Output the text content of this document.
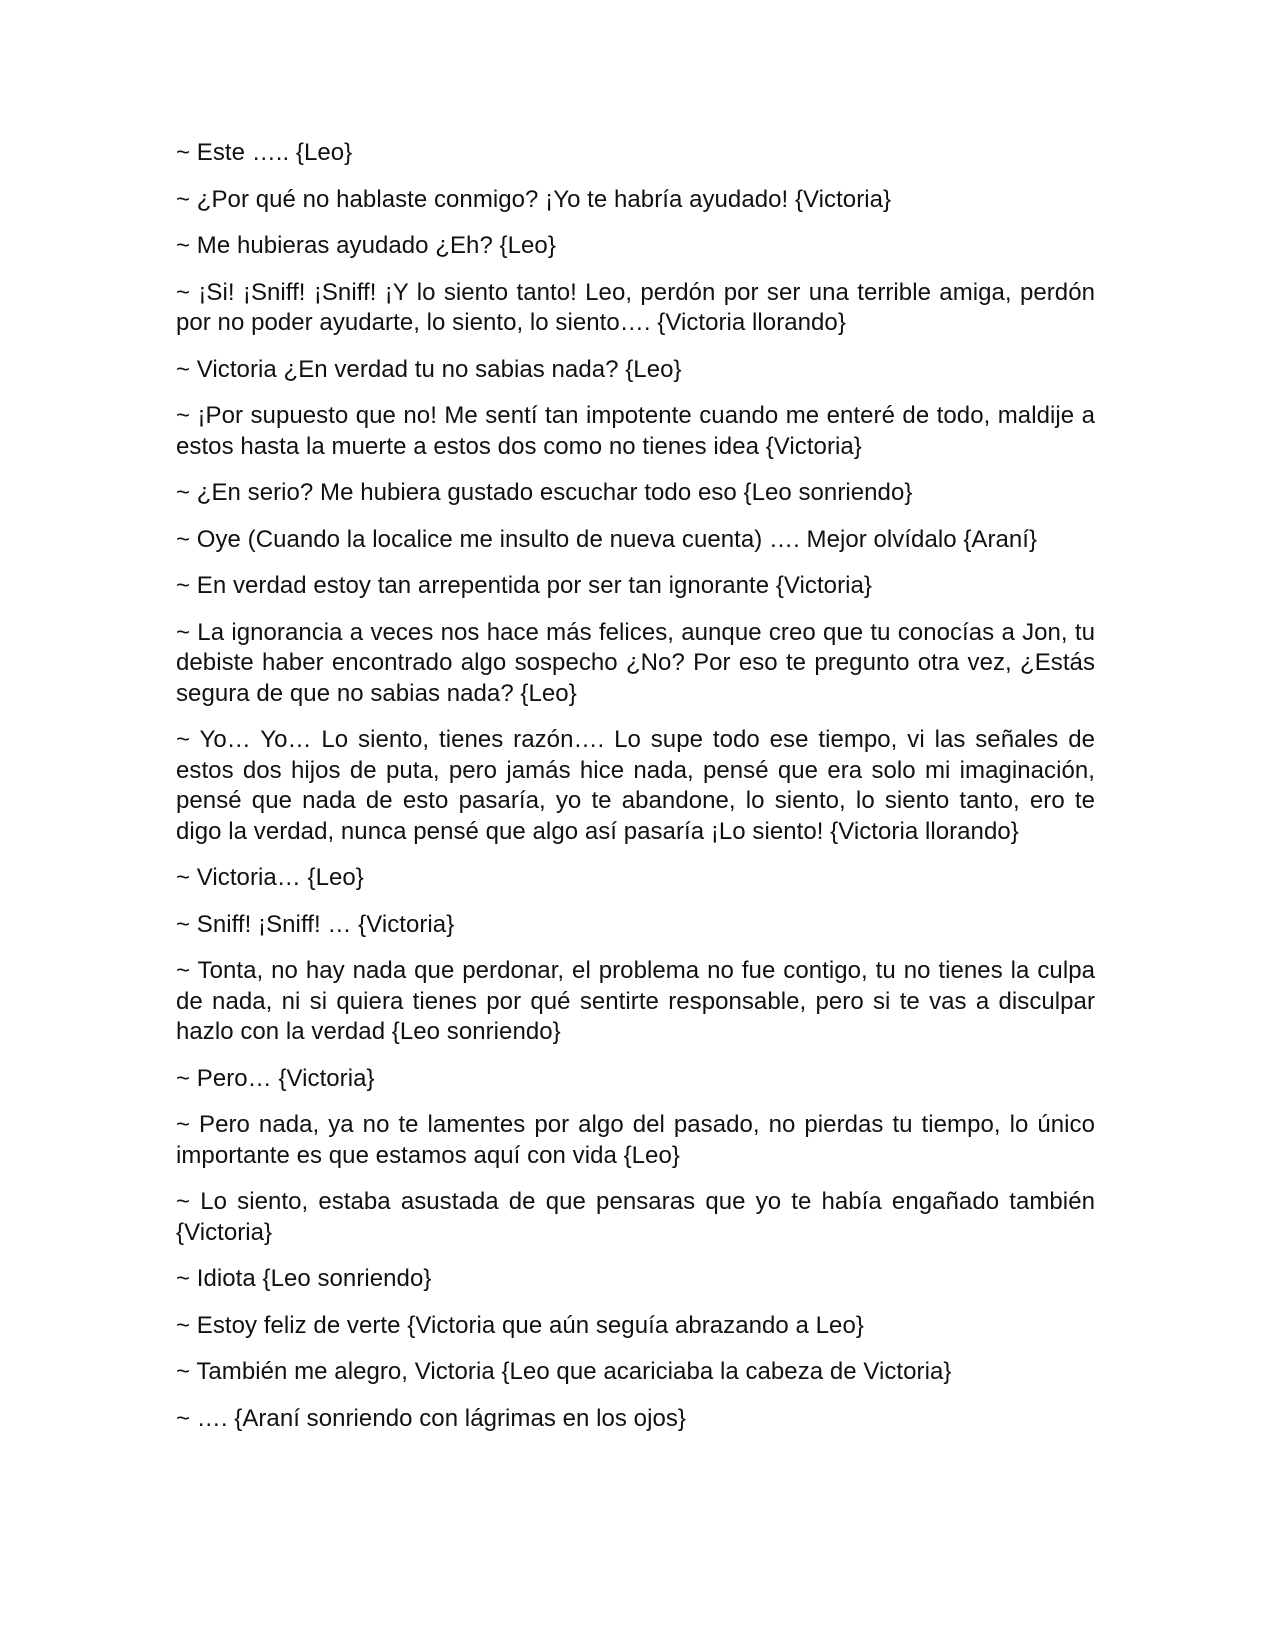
~ Este ….. {Leo}

~ ¿Por qué no hablaste conmigo? ¡Yo te habría ayudado! {Victoria}

~ Me hubieras ayudado ¿Eh? {Leo}

~ ¡Si! ¡Sniff! ¡Sniff! ¡Y lo siento tanto! Leo, perdón por ser una terrible amiga, perdón por no poder ayudarte, lo siento, lo siento…. {Victoria llorando}

~ Victoria ¿En verdad tu no sabias nada? {Leo}

~ ¡Por supuesto que no! Me sentí tan impotente cuando me enteré de todo, maldije a estos hasta la muerte a estos dos como no tienes idea {Victoria}

~ ¿En serio? Me hubiera gustado escuchar todo eso {Leo sonriendo}

~ Oye (Cuando la localice me insulto de nueva cuenta) …. Mejor olvídalo {Araní}

~ En verdad estoy tan arrepentida por ser tan ignorante {Victoria}

~ La ignorancia a veces nos hace más felices, aunque creo que tu conocías a Jon, tu debiste haber encontrado algo sospecho ¿No? Por eso te pregunto otra vez, ¿Estás segura de que no sabias nada? {Leo}

~ Yo… Yo… Lo siento, tienes razón…. Lo supe todo ese tiempo, vi las señales de estos dos hijos de puta, pero jamás hice nada, pensé que era solo mi imaginación, pensé que nada de esto pasaría, yo te abandone, lo siento, lo siento tanto, ero te digo la verdad, nunca pensé que algo así pasaría ¡Lo siento! {Victoria llorando}

~ Victoria… {Leo}

~ Sniff! ¡Sniff! … {Victoria}

~ Tonta, no hay nada que perdonar, el problema no fue contigo, tu no tienes la culpa de nada, ni si quiera tienes por qué sentirte responsable, pero si te vas a disculpar hazlo con la verdad {Leo sonriendo}

~ Pero… {Victoria}

~ Pero nada, ya no te lamentes por algo del pasado, no pierdas tu tiempo, lo único importante es que estamos aquí con vida {Leo}

~ Lo siento, estaba asustada de que pensaras que yo te había engañado también {Victoria}

~ Idiota {Leo sonriendo}

~ Estoy feliz de verte {Victoria que aún seguía abrazando a Leo}

~ También me alegro, Victoria {Leo que acariciaba la cabeza de Victoria}

~ …. {Araní sonriendo con lágrimas en los ojos}
